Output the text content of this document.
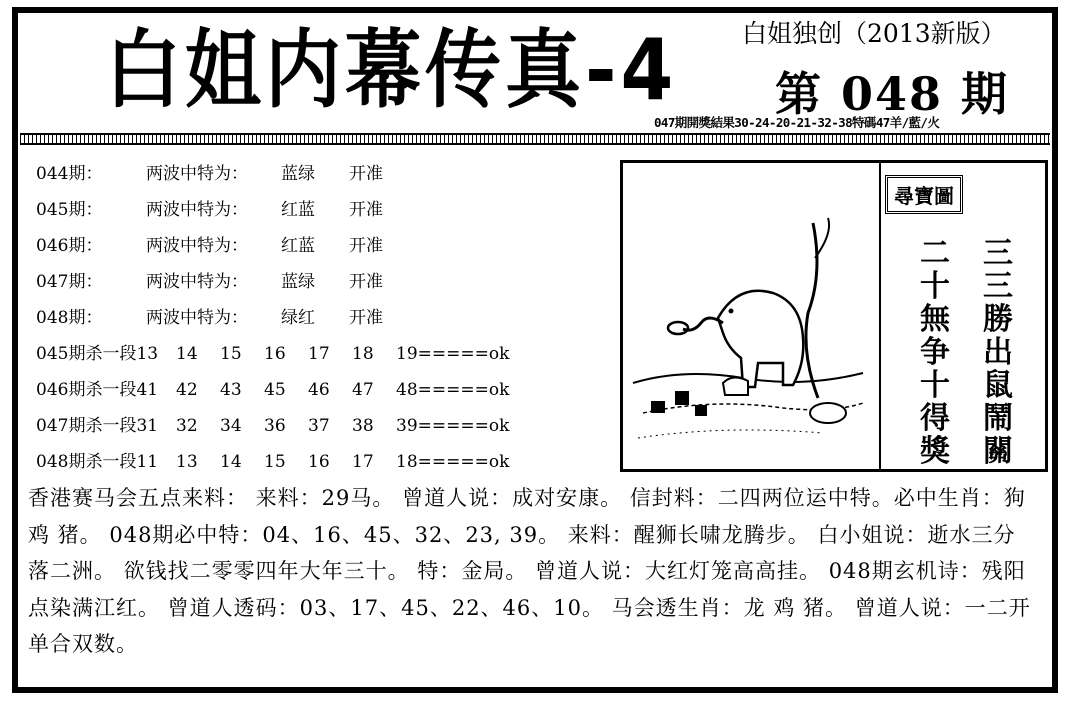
白姐内幕传真-4	白姐独创（2013新版）
第 048 期
047期開獎結果30-24-20-21-32-38特碼47羊/藍/火
044期：	两波中特为：	蓝绿	开准
045期：	两波中特为：	红蓝	开准
046期：	两波中特为：	红蓝	开准
047期：	两波中特为：	蓝绿	开准
048期：	两波中特为：	绿红	开准
045期杀一段13	14	15	16	17	18	19=====ok
046期杀一段41	42	43	45	46	47	48=====ok
047期杀一段31	32	34	36	37	38	39=====ok
048期杀一段11	13	14	15	16	17	18=====ok
尋寶圖
三三勝出鼠鬧關
二十無争十得獎
香港赛马会五点来料： 来料：29马。 曾道人说：成对安康。 信封料：二四两位运中特。必中生肖：狗 鸡 猪。 048期必中特：04、16、45、32、23, 39。 来料：醒狮长啸龙腾步。 白小姐说：逝水三分落二洲。 欲钱找二零零四年大年三十。 特：金局。 曾道人说：大红灯笼高高挂。 048期玄机诗：残阳点染满江红。 曾道人透码：03、17、45、22、46、10。 马会透生肖：龙 鸡 猪。 曾道人说：一二开单合双数。
